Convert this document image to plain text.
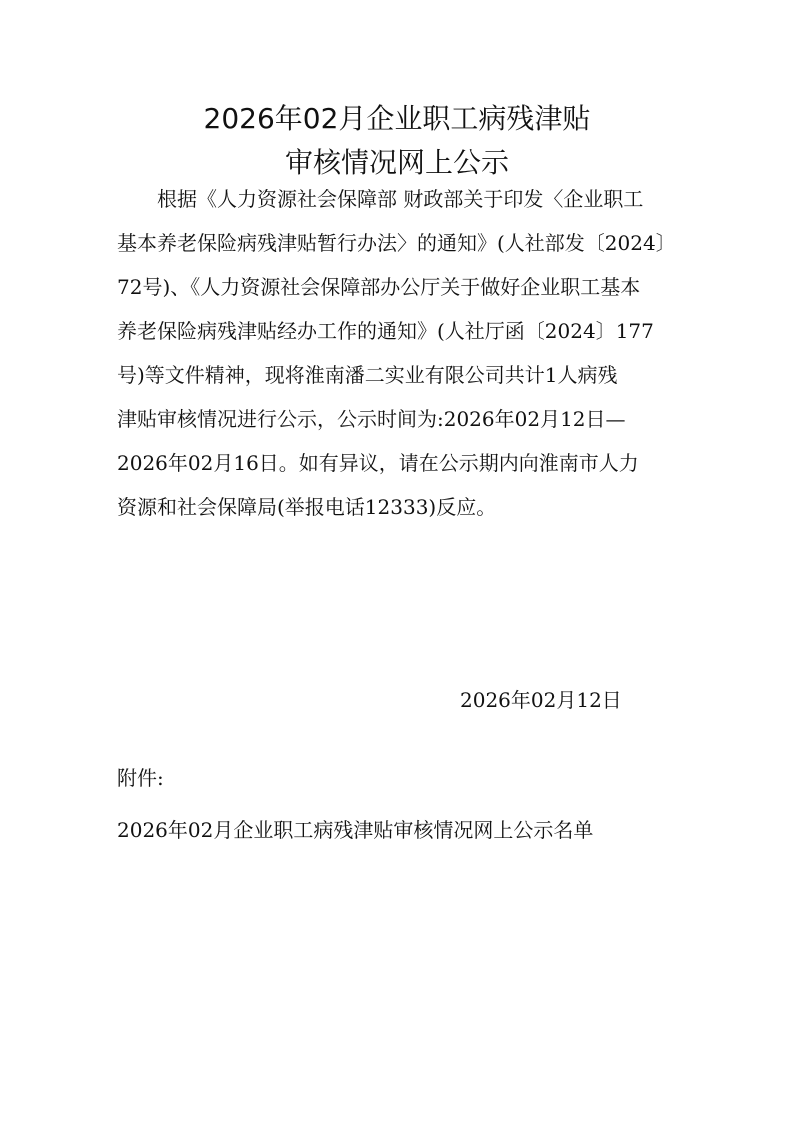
2026年02月企业职工病残津贴
审核情况网上公示
根据《人力资源社会保障部 财政部关于印发〈企业职工
基本养老保险病残津贴暂行办法〉的通知》(人社部发〔2024〕
72号)、《人力资源社会保障部办公厅关于做好企业职工基本
养老保险病残津贴经办工作的通知》(人社厅函〔2024〕177
号)等文件精神，现将淮南潘二实业有限公司共计1人病残
津贴审核情况进行公示，公示时间为:2026年02月12日—
2026年02月16日。如有异议，请在公示期内向淮南市人力
资源和社会保障局(举报电话12333)反应。
2026年02月12日
附件:
2026年02月企业职工病残津贴审核情况网上公示名单
